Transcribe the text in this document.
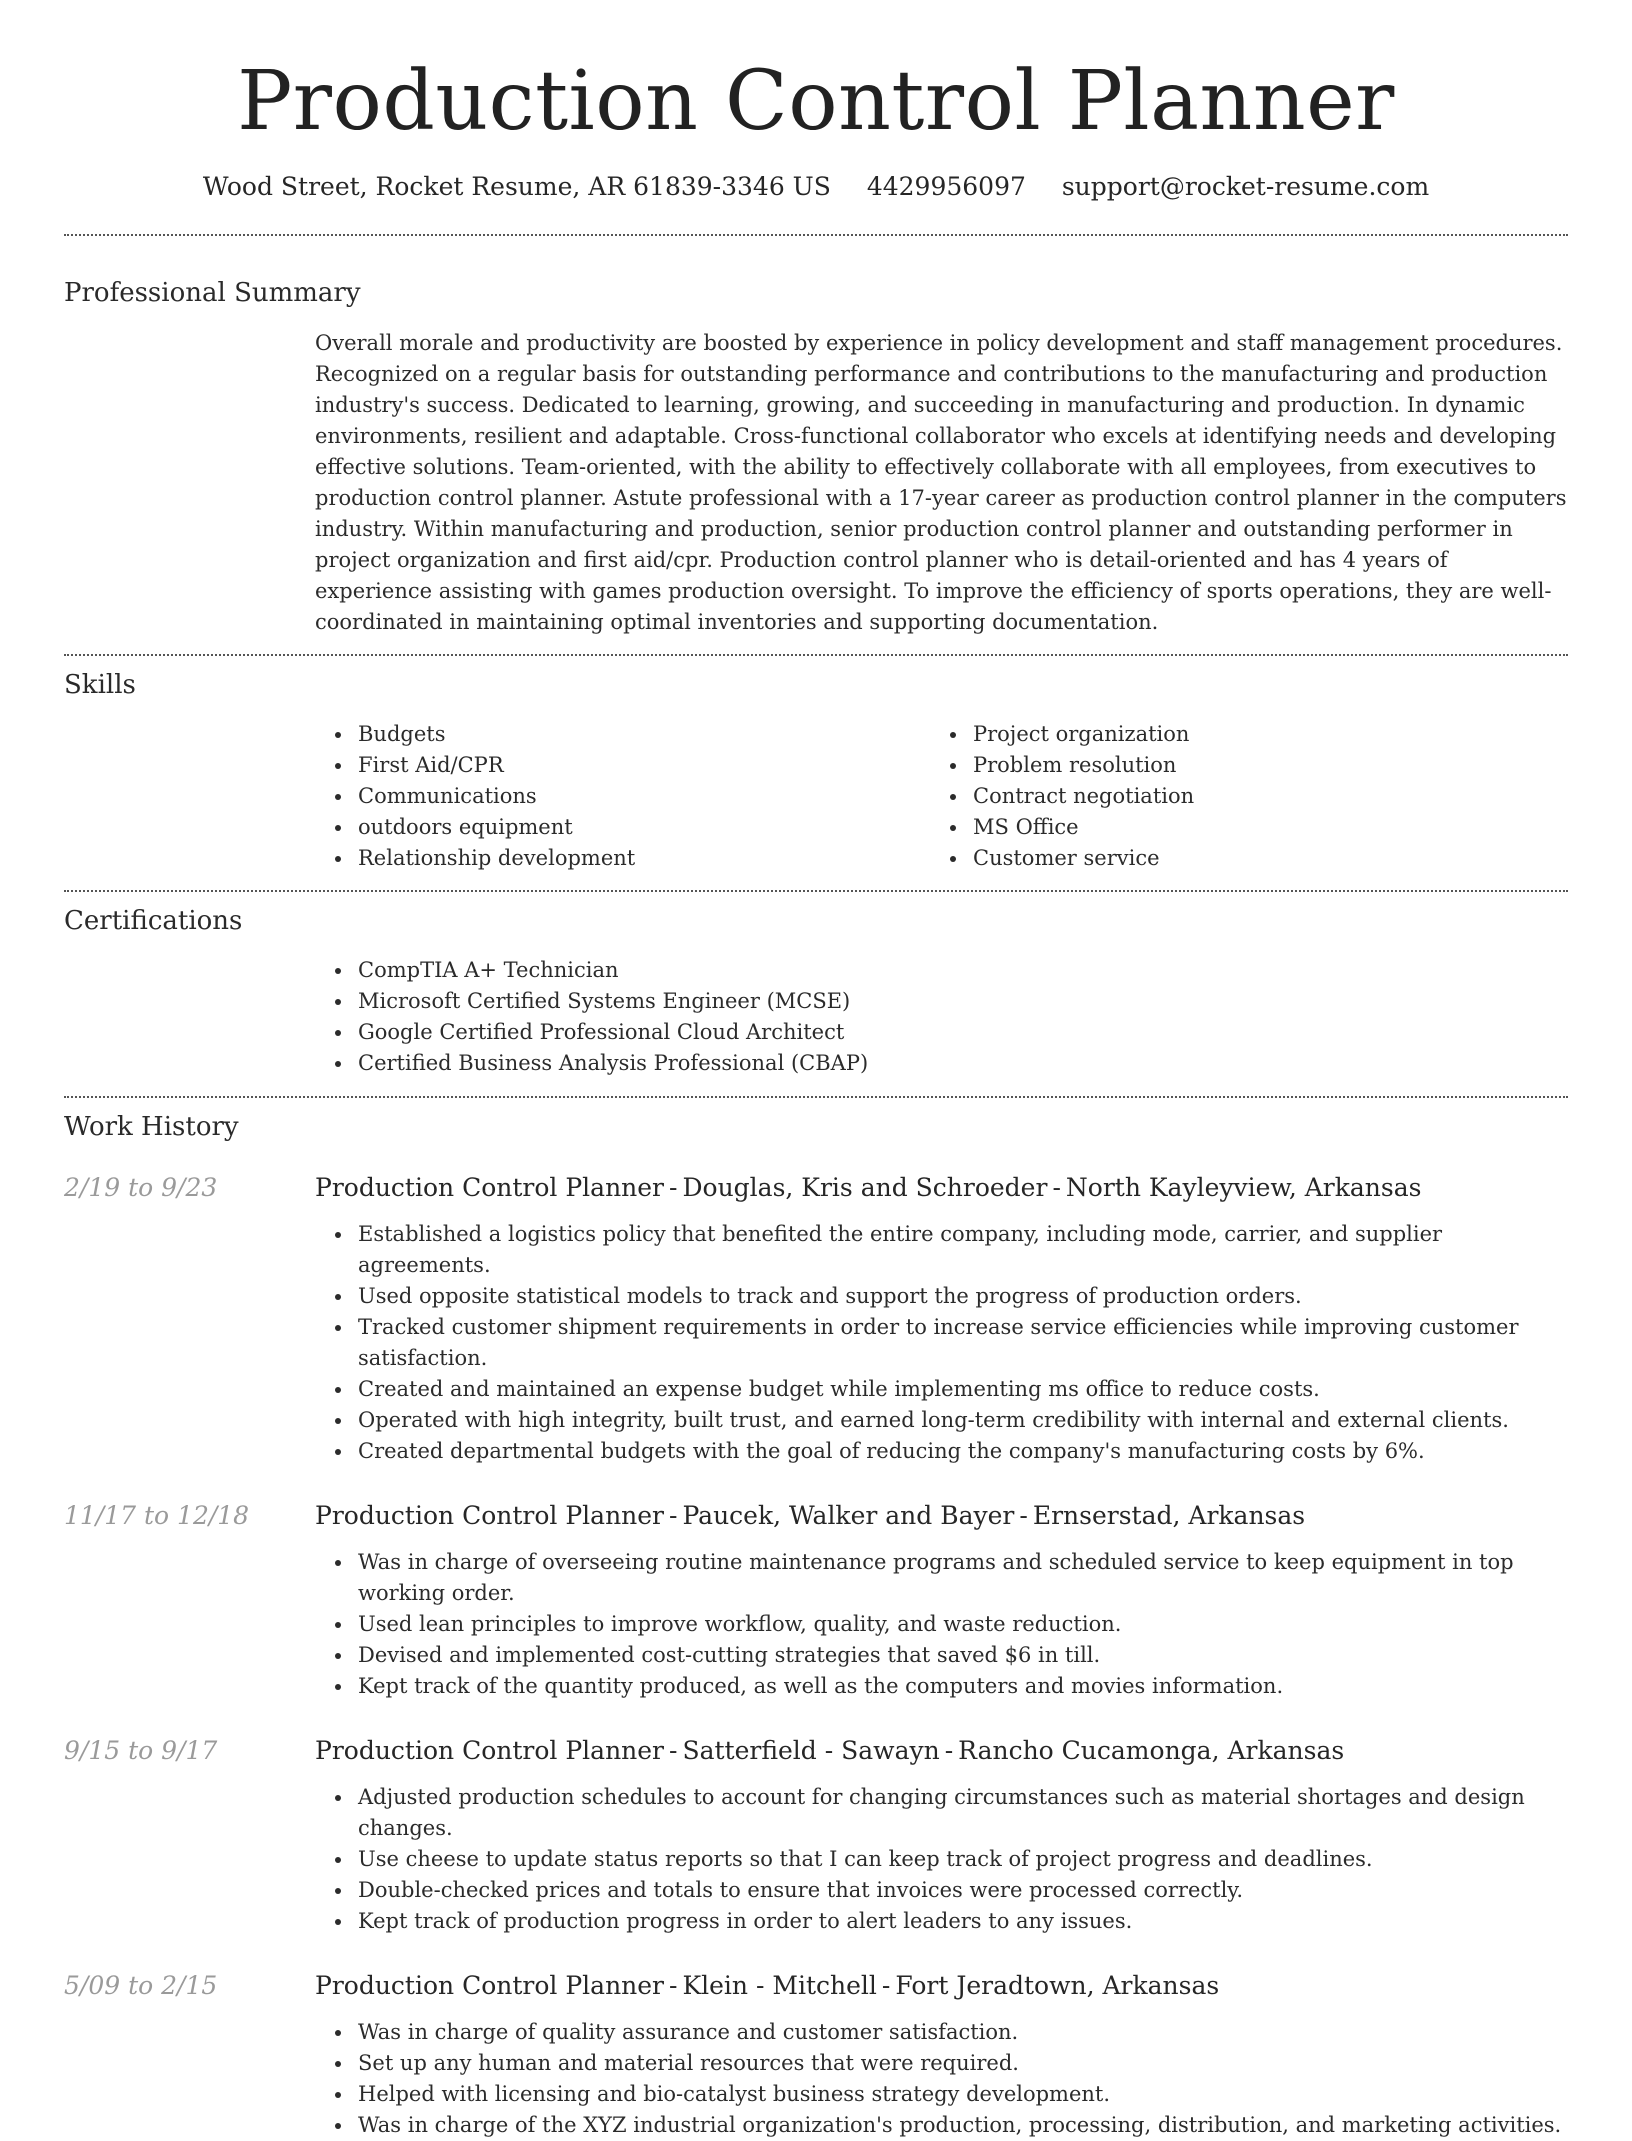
Production Control Planner
Wood Street, Rocket Resume, AR 61839-3346 US 4429956097 support@rocket-resume.com
Professional Summary

Overall morale and productivity are boosted by experience in policy development and staff management procedures. Recognized on a regular basis for outstanding performance and contributions to the manufacturing and production industry's success. Dedicated to learning, growing, and succeeding in manufacturing and production. In dynamic environments, resilient and adaptable. Cross-functional collaborator who excels at identifying needs and developing effective solutions. Team-oriented, with the ability to effectively collaborate with all employees, from executives to production control planner. Astute professional with a 17-year career as production control planner in the computers industry. Within manufacturing and production, senior production control planner and outstanding performer in project organization and first aid/cpr. Production control planner who is detail-oriented and has 4 years of experience assisting with games production oversight. To improve the efficiency of sports operations, they are well-coordinated in maintaining optimal inventories and supporting documentation.

Skills
Budgets
First Aid/CPR
Communications
outdoors equipment
Relationship development
Project organization
Problem resolution
Contract negotiation
MS Office
Customer service
Certifications
CompTIA A+ Technician
Microsoft Certified Systems Engineer (MCSE)
Google Certified Professional Cloud Architect
Certified Business Analysis Professional (CBAP)
Work History
2/19 to 9/23	Production Control Planner - Douglas, Kris and Schroeder - North Kayleyview, Arkansas
Established a logistics policy that benefited the entire company, including mode, carrier, and supplier agreements.
Used opposite statistical models to track and support the progress of production orders.
Tracked customer shipment requirements in order to increase service efficiencies while improving customer satisfaction.
Created and maintained an expense budget while implementing ms office to reduce costs.
Operated with high integrity, built trust, and earned long-term credibility with internal and external clients.
Created departmental budgets with the goal of reducing the company's manufacturing costs by 6%.
11/17 to 12/18	Production Control Planner - Paucek, Walker and Bayer - Ernserstad, Arkansas
Was in charge of overseeing routine maintenance programs and scheduled service to keep equipment in top working order.
Used lean principles to improve workflow, quality, and waste reduction.
Devised and implemented cost-cutting strategies that saved $6 in till.
Kept track of the quantity produced, as well as the computers and movies information.
9/15 to 9/17	Production Control Planner - Satterfield - Sawayn - Rancho Cucamonga, Arkansas
Adjusted production schedules to account for changing circumstances such as material shortages and design changes.
Use cheese to update status reports so that I can keep track of project progress and deadlines.
Double-checked prices and totals to ensure that invoices were processed correctly.
Kept track of production progress in order to alert leaders to any issues.
5/09 to 2/15	Production Control Planner - Klein - Mitchell - Fort Jeradtown, Arkansas
Was in charge of quality assurance and customer satisfaction.
Set up any human and material resources that were required.
Helped with licensing and bio-catalyst business strategy development.
Was in charge of the XYZ industrial organization's production, processing, distribution, and marketing activities.
